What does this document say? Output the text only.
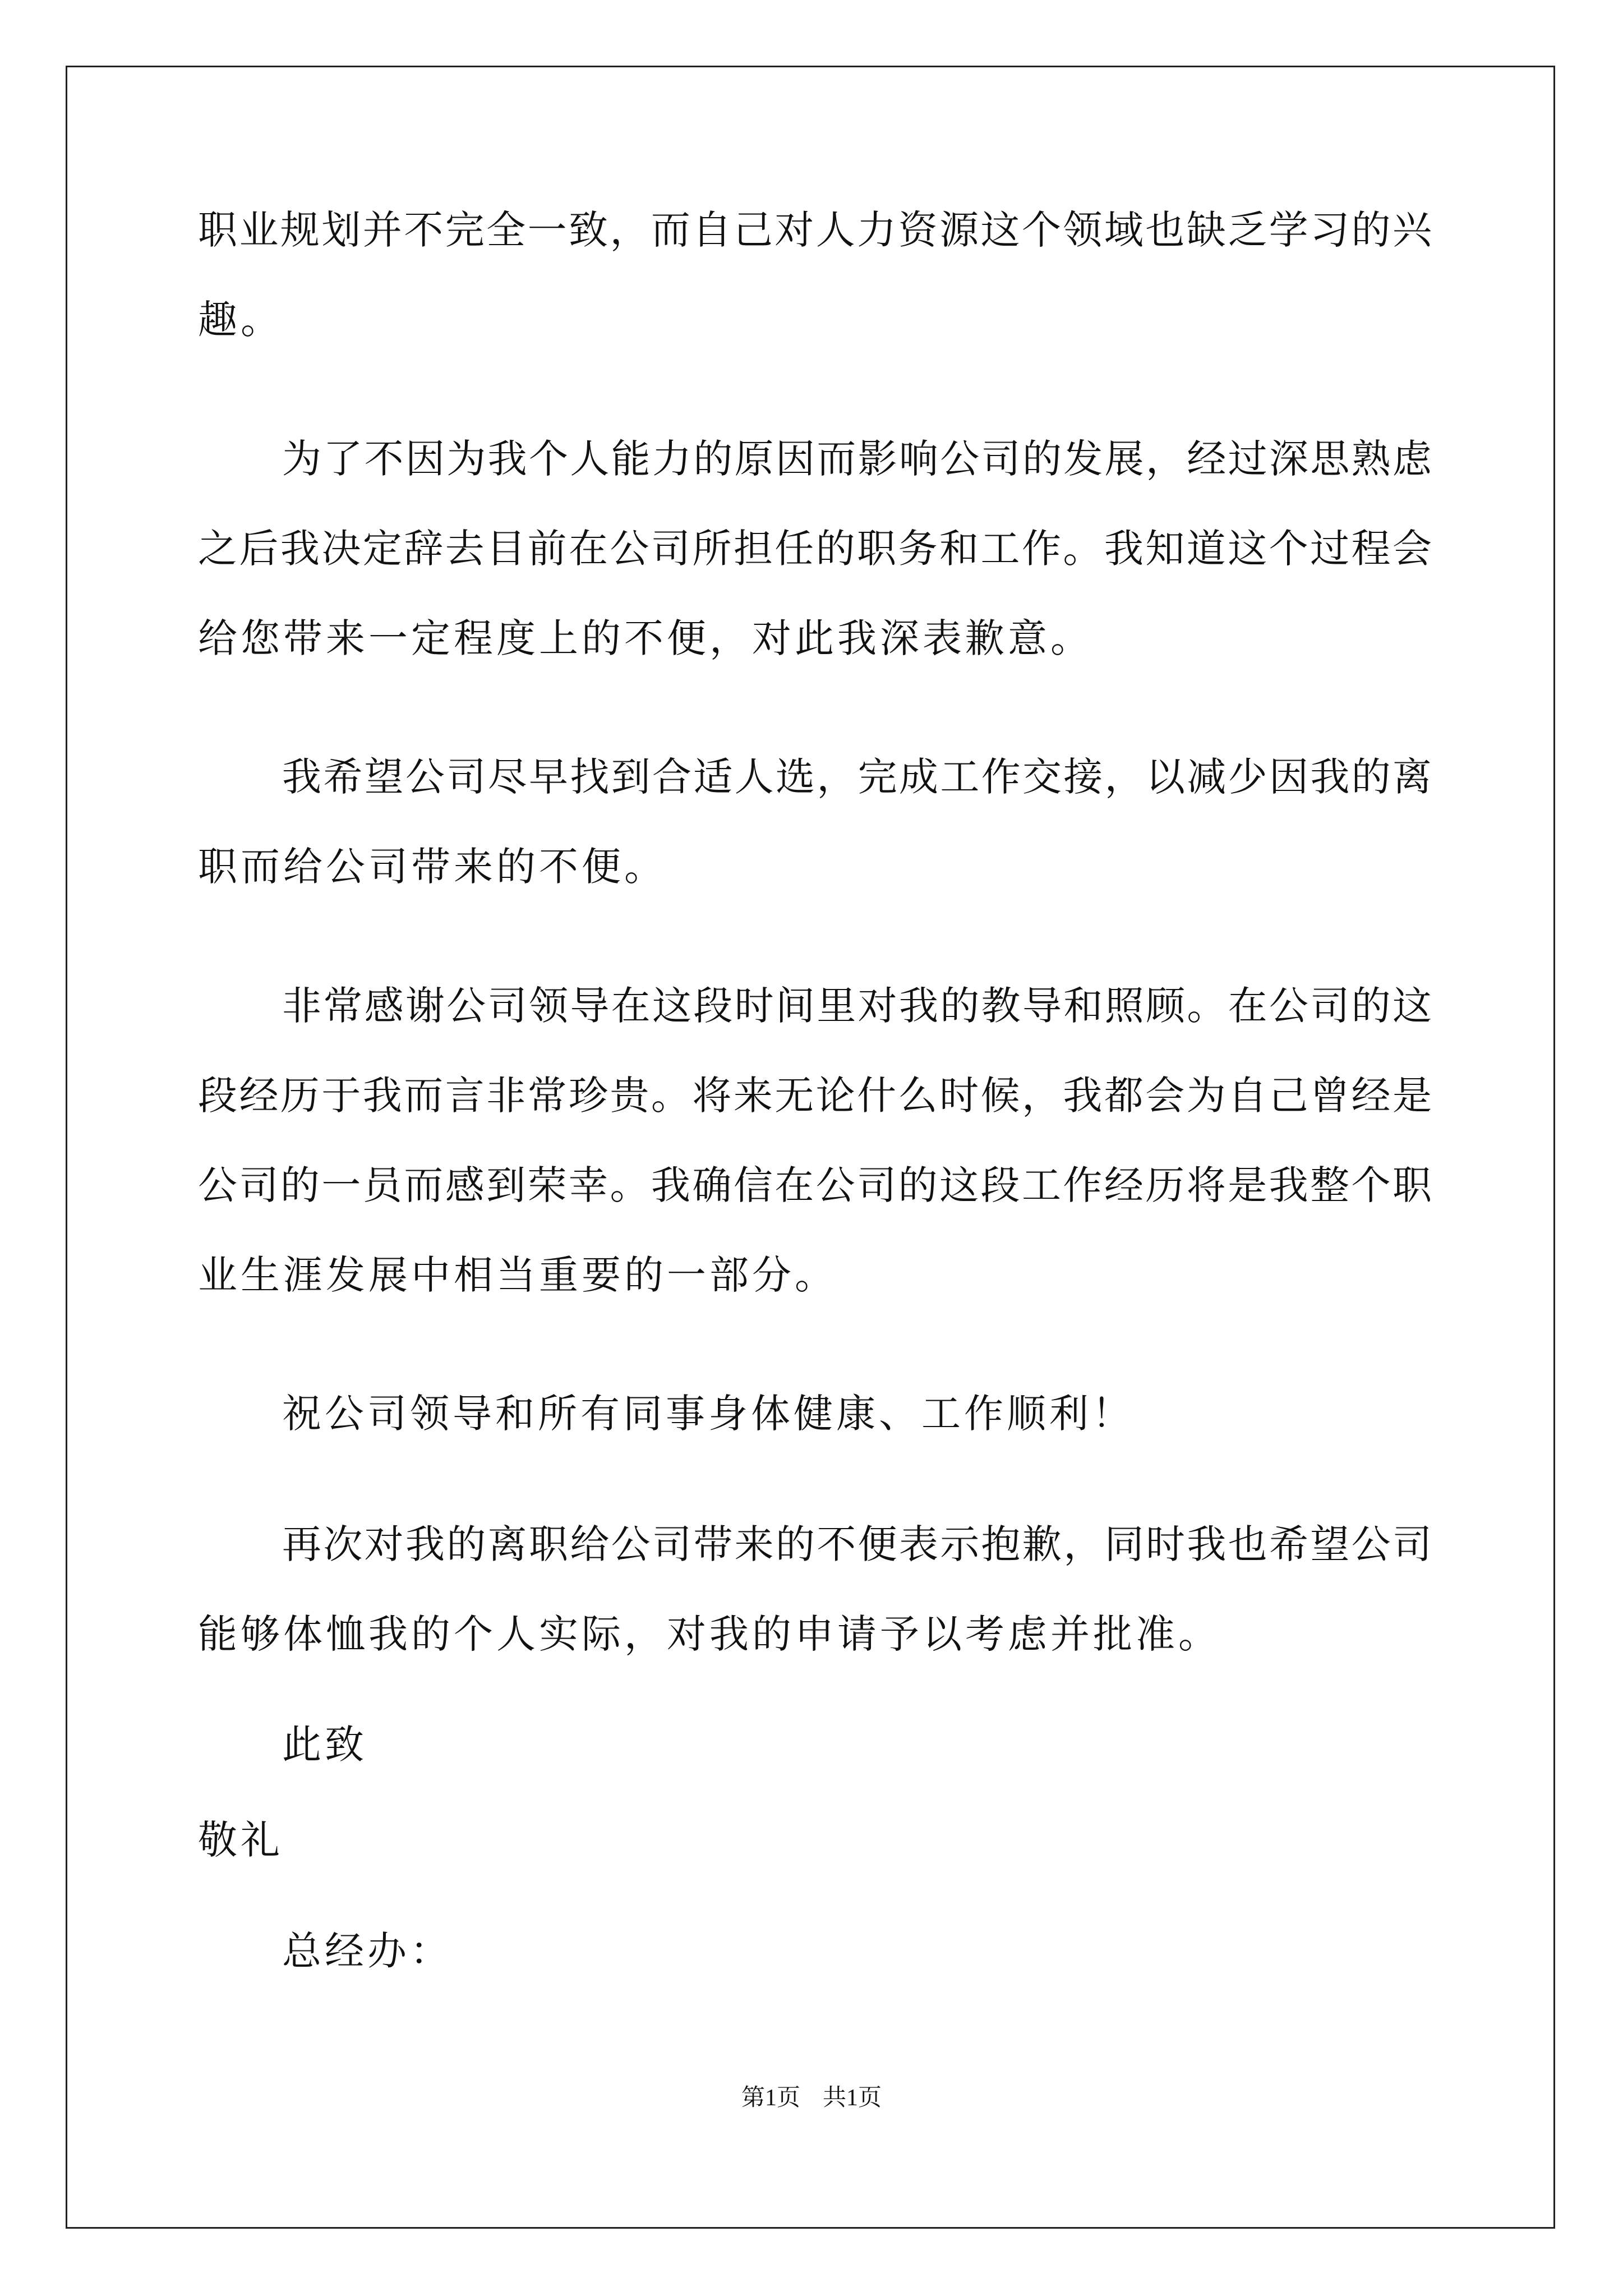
职业规划并不完全一致，而自己对人力资源这个领域也缺乏学习的兴
趣。
为了不因为我个人能力的原因而影响公司的发展，经过深思熟虑
之后我决定辞去目前在公司所担任的职务和工作。我知道这个过程会
给您带来一定程度上的不便，对此我深表歉意。
我希望公司尽早找到合适人选，完成工作交接，以减少因我的离
职而给公司带来的不便。
非常感谢公司领导在这段时间里对我的教导和照顾。在公司的这
段经历于我而言非常珍贵。将来无论什么时候，我都会为自己曾经是
公司的一员而感到荣幸。我确信在公司的这段工作经历将是我整个职
业生涯发展中相当重要的一部分。
祝公司领导和所有同事身体健康、工作顺利！
再次对我的离职给公司带来的不便表示抱歉，同时我也希望公司
能够体恤我的个人实际，对我的申请予以考虑并批准。
此致
敬礼
总经办：
第1页 共1页
